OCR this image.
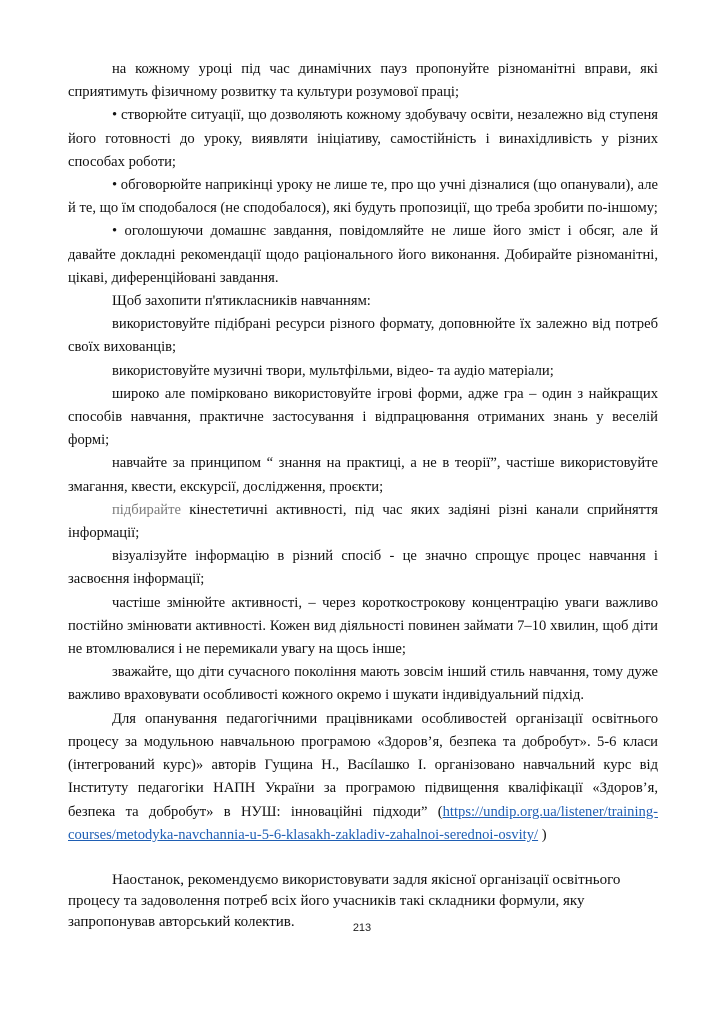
на кожному уроці під час динамічних пауз пропонуйте різноманітні вправи, які сприятимуть фізичному розвитку та культури розумової праці;

• створюйте ситуації, що дозволяють кожному здобувачу освіти, незалежно від ступеня його готовності до уроку, виявляти ініціативу, самостійність і винахідливість у різних способах роботи;

• обговорюйте наприкінці уроку не лише те, про що учні дізналися (що опанували), але й те, що їм сподобалося (не сподобалося), які будуть пропозиції, що треба зробити по-іншому;

• оголошуючи домашнє завдання, повідомляйте не лише його зміст і обсяг, але й давайте докладні рекомендації щодо раціонального його виконання. Добирайте різноманітні, цікаві, диференційовані завдання.

Щоб захопити п'ятикласників навчанням:

використовуйте підібрані ресурси різного формату, доповнюйте їх залежно від потреб своїх вихованців;

використовуйте музичні твори, мультфільми, відео- та аудіо матеріали;

широко але помірковано використовуйте ігрові форми, адже гра – один з найкращих способів навчання, практичне застосування і відпрацювання отриманих знань у веселій формі;

навчайте за принципом “ знання на практиці, а не в теорії”, частіше використовуйте змагання, квести, екскурсії, дослідження, проєкти;

підбирайте кінестетичні активності, під час яких задіяні різні канали сприйняття інформації;

візуалізуйте інформацію в різний спосіб - це значно спрощує процес навчання і засвоєння інформації;

частіше змінюйте активності, – через короткострокову концентрацію уваги важливо постійно змінювати активності. Кожен вид діяльності повинен займати 7–10 хвилин, щоб діти не втомлювалися і не перемикали увагу на щось інше;

зважайте, що діти сучасного покоління мають зовсім інший стиль навчання, тому дуже важливо враховувати особливості кожного окремо і шукати індивідуальний підхід.

Для опанування педагогічними працівниками особливостей організації освітнього процесу за модульною навчальною програмою «Здоров’я, безпека та добробут». 5-6 класи (інтегрований курс)» авторів Гущина Н., Васílашко І. організовано навчальний курс від Інституту педагогіки НАПН України за програмою підвищення кваліфікації «Здоров’я, безпека та добробут» в НУШ: інноваційні підходи” (https://undip.org.ua/listener/training-courses/metodyka-navchannia-u-5-6-klasakh-zakladiv-zahalnoi-serednoi-osvity/ )

Наостанок, рекомендуємо використовувати задля якісної організації освітнього процесу та задоволення потреб всіх його учасників такі складники формули, яку запропонував авторський колектив.	213
